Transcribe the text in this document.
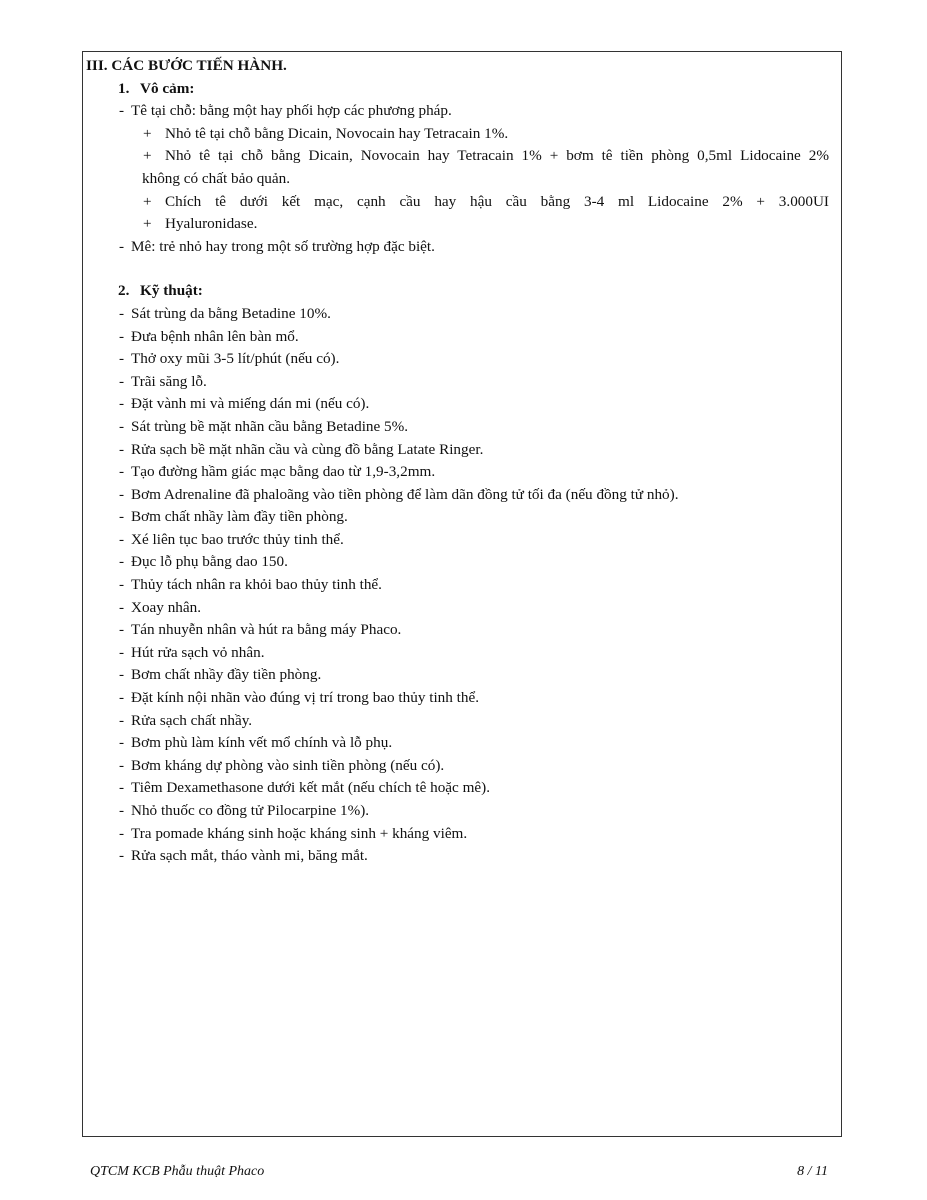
III. CÁC BƯỚC TIẾN HÀNH.

1. Vô cảm:

- Tê tại chỗ: bằng một hay phối hợp các phương pháp.

+ Nhỏ tê tại chỗ bằng Dicain, Novocain hay Tetracain 1%.

+ Nhỏ tê tại chỗ bằng Dicain, Novocain hay Tetracain 1% + bơm tê tiền phòng 0,5ml Lidocaine 2%

không có chất bảo quản.

+ Chích tê dưới kết mạc, cạnh cầu hay hậu cầu bằng 3-4 ml Lidocaine 2% + 3.000UI

+ Hyaluronidase.

- Mê: trẻ nhỏ hay trong một số trường hợp đặc biệt.

2. Kỹ thuật:

- Sát trùng da bằng Betadine 10%.

- Đưa bệnh nhân lên bàn mổ.

- Thở oxy mũi 3-5 lít/phút (nếu có).

- Trãi săng lỗ.

- Đặt vành mi và miếng dán mi (nếu có).

- Sát trùng bề mặt nhãn cầu bằng Betadine 5%.

- Rửa sạch bề mặt nhãn cầu và cùng đồ bằng Latate Ringer.

- Tạo đường hầm giác mạc bằng dao từ 1,9-3,2mm.

- Bơm Adrenaline đã phaloãng vào tiền phòng để làm dãn đồng tử tối đa (nếu đồng tử nhỏ).

- Bơm chất nhầy làm đầy tiền phòng.

- Xé liên tục bao trước thủy tinh thể.

- Đục lỗ phụ bằng dao 150.

- Thủy tách nhân ra khỏi bao thủy tinh thể.

- Xoay nhân.

- Tán nhuyễn nhân và hút ra bằng máy Phaco.

- Hút rửa sạch vỏ nhân.

- Bơm chất nhầy đầy tiền phòng.

- Đặt kính nội nhãn vào đúng vị trí trong bao thủy tinh thể.

- Rửa sạch chất nhầy.

- Bơm phù làm kính vết mổ chính và lỗ phụ.

- Bơm kháng dự phòng vào sinh tiền phòng (nếu có).

- Tiêm Dexamethasone dưới kết mắt (nếu chích tê hoặc mê).

- Nhỏ thuốc co đồng tử Pilocarpine 1%).

- Tra pomade kháng sinh hoặc kháng sinh + kháng viêm.

- Rửa sạch mắt, tháo vành mi, băng mắt.

QTCM KCB Phẫu thuật Phaco	8 / 11
